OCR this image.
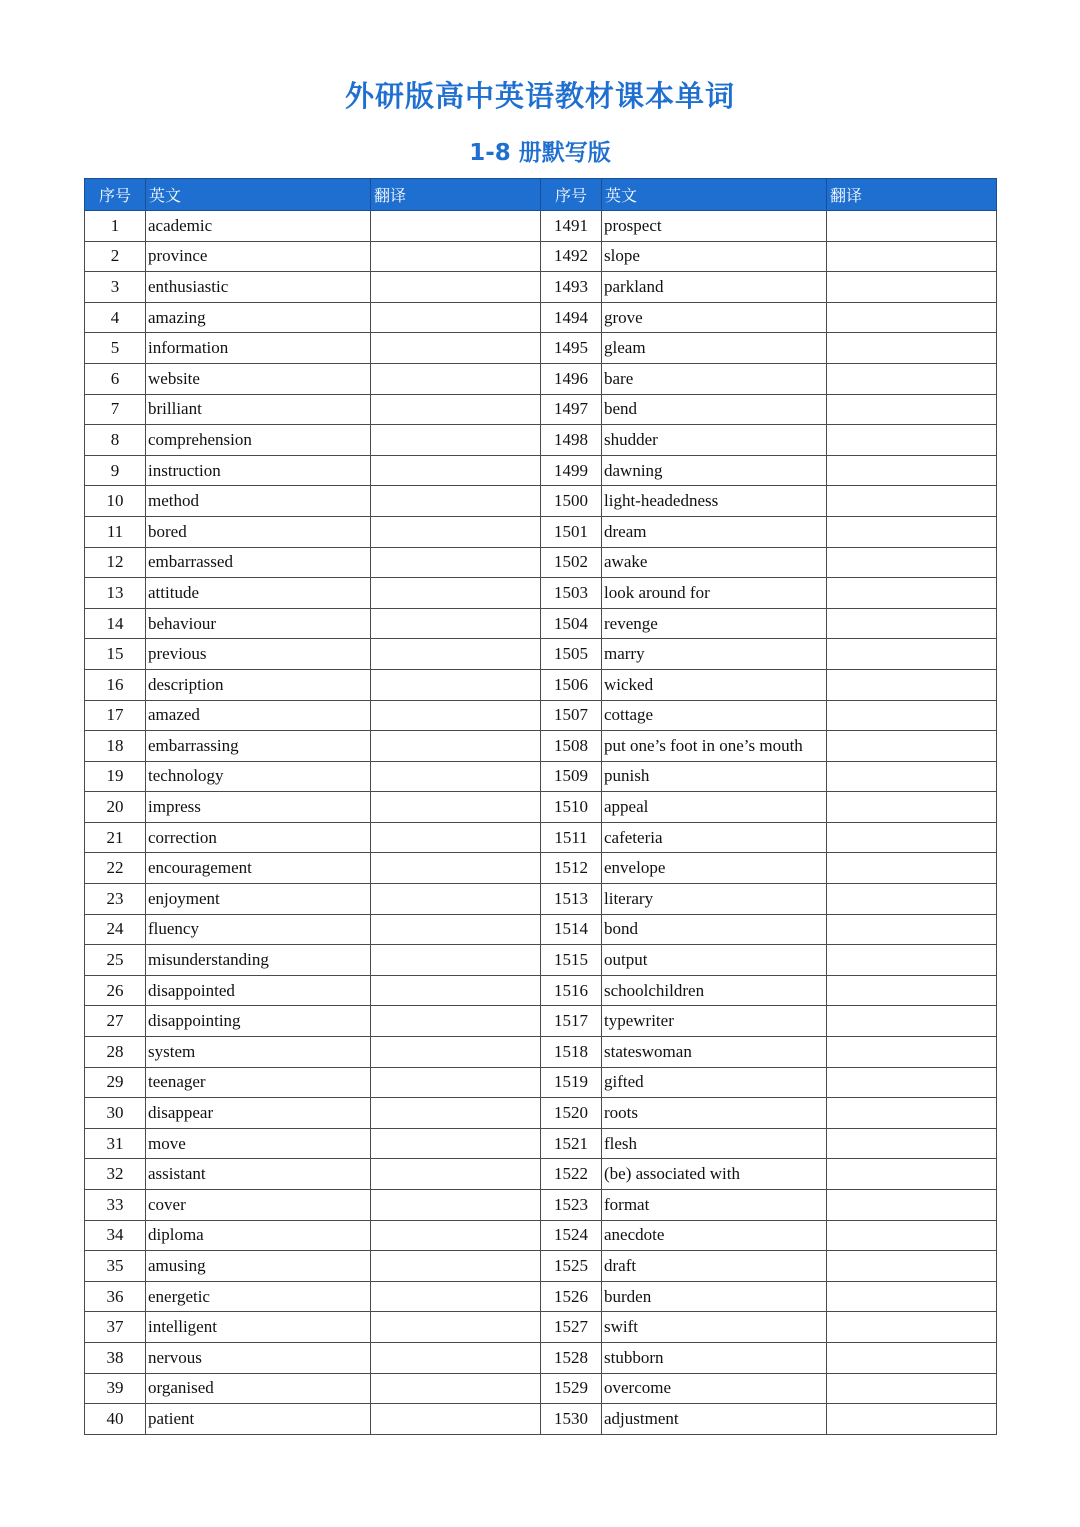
外研版高中英语教材课本单词
1-8 册默写版
序号	英文	翻译	序号	英文	翻译
1	academic		1491	prospect	
2	province		1492	slope	
3	enthusiastic		1493	parkland	
4	amazing		1494	grove	
5	information		1495	gleam	
6	website		1496	bare	
7	brilliant		1497	bend	
8	comprehension		1498	shudder	
9	instruction		1499	dawning	
10	method		1500	light-headedness	
11	bored		1501	dream	
12	embarrassed		1502	awake	
13	attitude		1503	look around for	
14	behaviour		1504	revenge	
15	previous		1505	marry	
16	description		1506	wicked	
17	amazed		1507	cottage	
18	embarrassing		1508	put one’s foot in one’s mouth	
19	technology		1509	punish	
20	impress		1510	appeal	
21	correction		1511	cafeteria	
22	encouragement		1512	envelope	
23	enjoyment		1513	literary	
24	fluency		1514	bond	
25	misunderstanding		1515	output	
26	disappointed		1516	schoolchildren	
27	disappointing		1517	typewriter	
28	system		1518	stateswoman	
29	teenager		1519	gifted	
30	disappear		1520	roots	
31	move		1521	flesh	
32	assistant		1522	(be) associated with	
33	cover		1523	format	
34	diploma		1524	anecdote	
35	amusing		1525	draft	
36	energetic		1526	burden	
37	intelligent		1527	swift	
38	nervous		1528	stubborn	
39	organised		1529	overcome	
40	patient		1530	adjustment	
